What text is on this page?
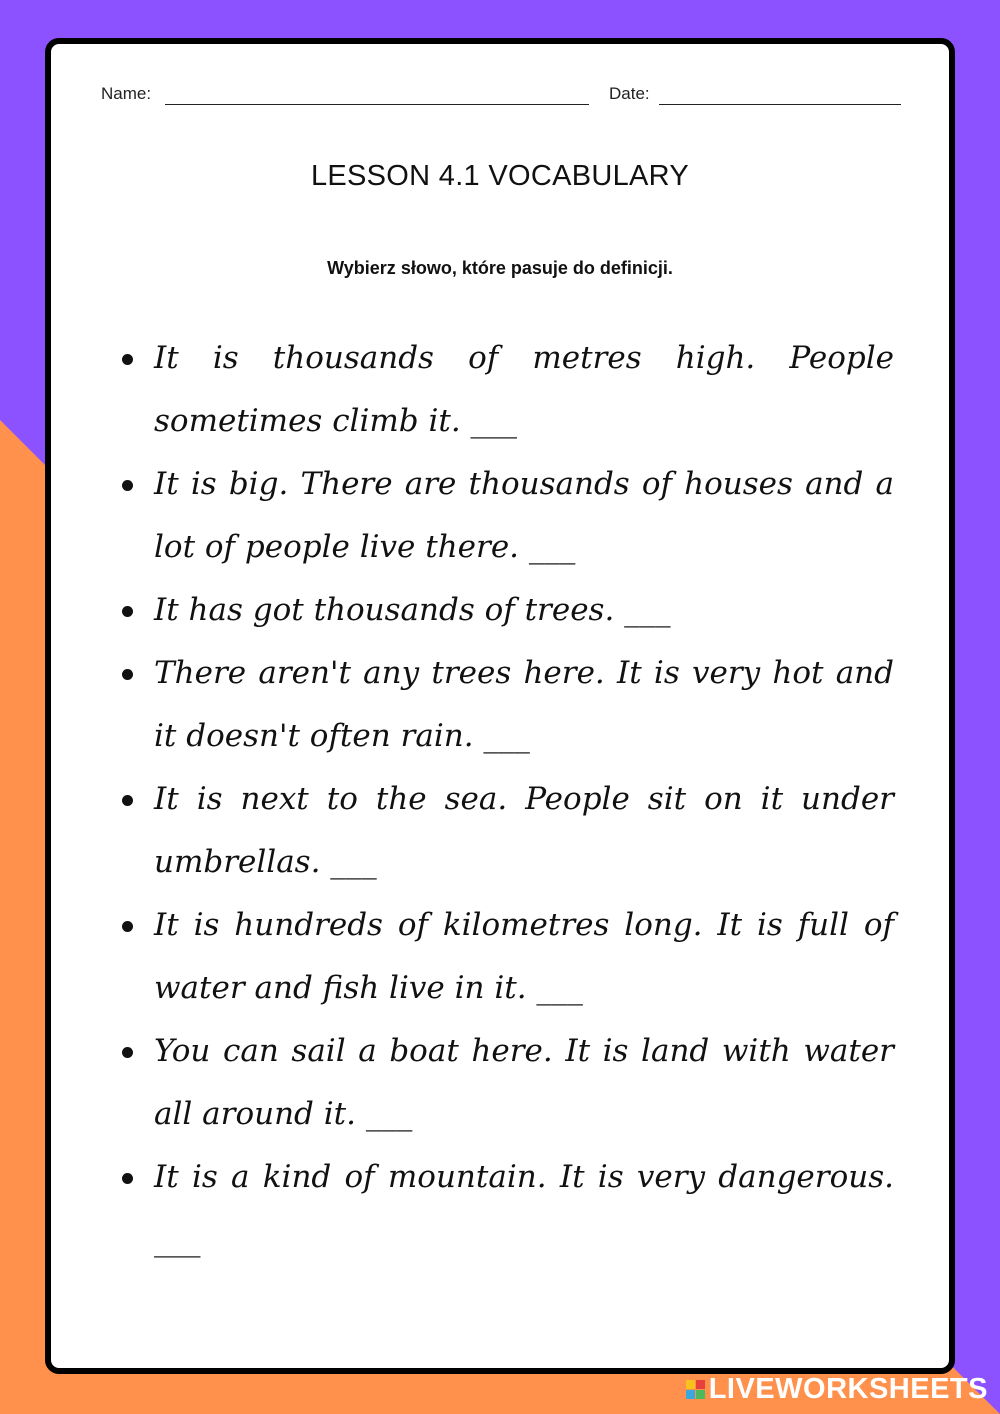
Name:	Date:
LESSON 4.1 VOCABULARY
Wybierz słowo, które pasuje do definicji.
It is thousands of metres high. People sometimes climb it. ___
It is big. There are thousands of houses and a lot of people live there. ___
It has got thousands of trees. ___
There aren't any trees here. It is very hot and it doesn't often rain. ___
It is next to the sea. People sit on it under umbrellas. ___
It is hundreds of kilometres long. It is full of water and fish live in it. ___
You can sail a boat here. It is land with water all around it. ___
It is a kind of mountain. It is very dangerous. ___
LIVEWORKSHEETS
